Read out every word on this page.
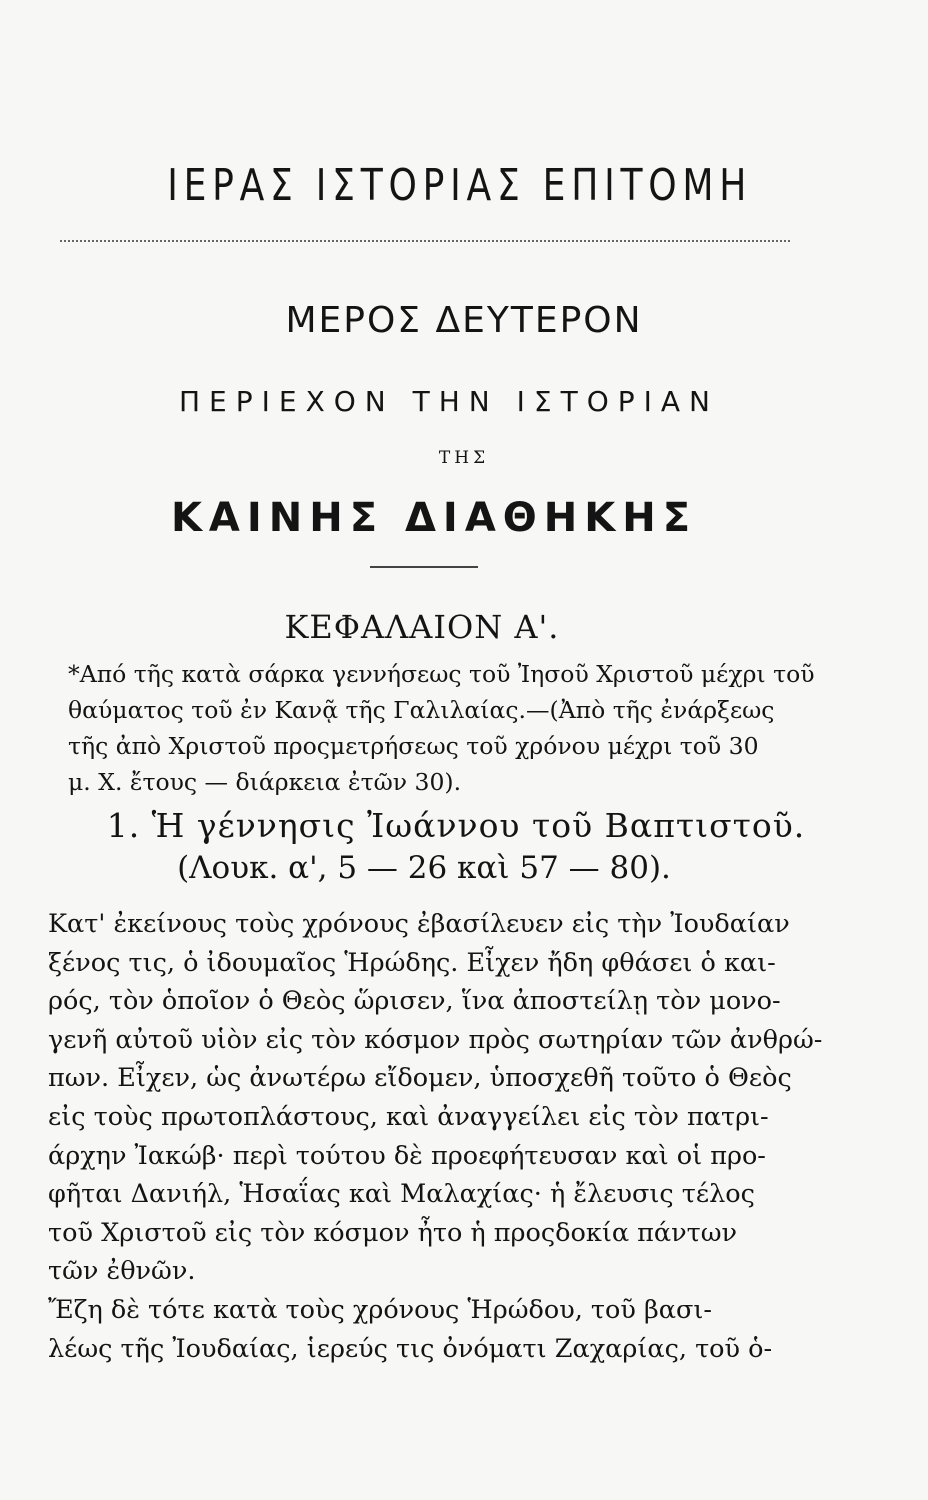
ΙΕΡΑΣ ΙΣΤΟΡΙΑΣ ΕΠΙΤΟΜΗ
ΜΕΡΟΣ ΔΕΥΤΕΡΟΝ
ΠΕΡΙΕΧΟΝ ΤΗΝ ΙΣΤΟΡΙΑΝ
ΤΗΣ
ΚΑΙΝΗΣ ΔΙΑΘΗΚΗΣ
ΚΕΦΑΛΑΙΟΝ Α'.
*Από τῆς κατὰ σάρκα γεννήσεως τοῦ Ἰησοῦ Χριστοῦ μέχρι τοῦ
θαύματος τοῦ ἐν Κανᾷ τῆς Γαλιλαίας.—(Ἀπὸ τῆς ἐνάρξεως
τῆς ἀπὸ Χριστοῦ προςμετρήσεως τοῦ χρόνου μέχρι τοῦ 30
μ. Χ. ἔτους — διάρκεια ἐτῶν 30).
1. Ἡ γέννησις Ἰωάννου τοῦ Βαπτιστοῦ.
(Λουκ. α', 5 — 26 καὶ 57 — 80).
Κατ' ἐκείνους τοὺς χρόνους ἐβασίλευεν εἰς τὴν Ἰουδαίαν
ξένος τις, ὁ ἰδουμαῖος Ἡρώδης. Εἶχεν ἤδη φθάσει ὁ και-
ρός, τὸν ὁποῖον ὁ Θεὸς ὥρισεν, ἵνα ἀποστείλῃ τὸν μονο-
γενῆ αὐτοῦ υἱὸν εἰς τὸν κόσμον πρὸς σωτηρίαν τῶν ἀνθρώ-
πων. Εἶχεν, ὡς ἀνωτέρω εἴδομεν, ὑποσχεθῆ τοῦτο ὁ Θεὸς
εἰς τοὺς πρωτοπλάστους, καὶ ἀναγγείλει εἰς τὸν πατρι-
άρχην Ἰακώβ· περὶ τούτου δὲ προεφήτευσαν καὶ οἱ προ-
φῆται Δανιήλ, Ἡσαΐας καὶ Μαλαχίας· ἡ ἔλευσις τέλος
τοῦ Χριστοῦ εἰς τὸν κόσμον ἦτο ἡ προςδοκία πάντων
τῶν ἐθνῶν.
Ἔζη δὲ τότε κατὰ τοὺς χρόνους Ἡρώδου, τοῦ βασι-
λέως τῆς Ἰουδαίας, ἱερεύς τις ὀνόματι Ζαχαρίας, τοῦ ὁ-
